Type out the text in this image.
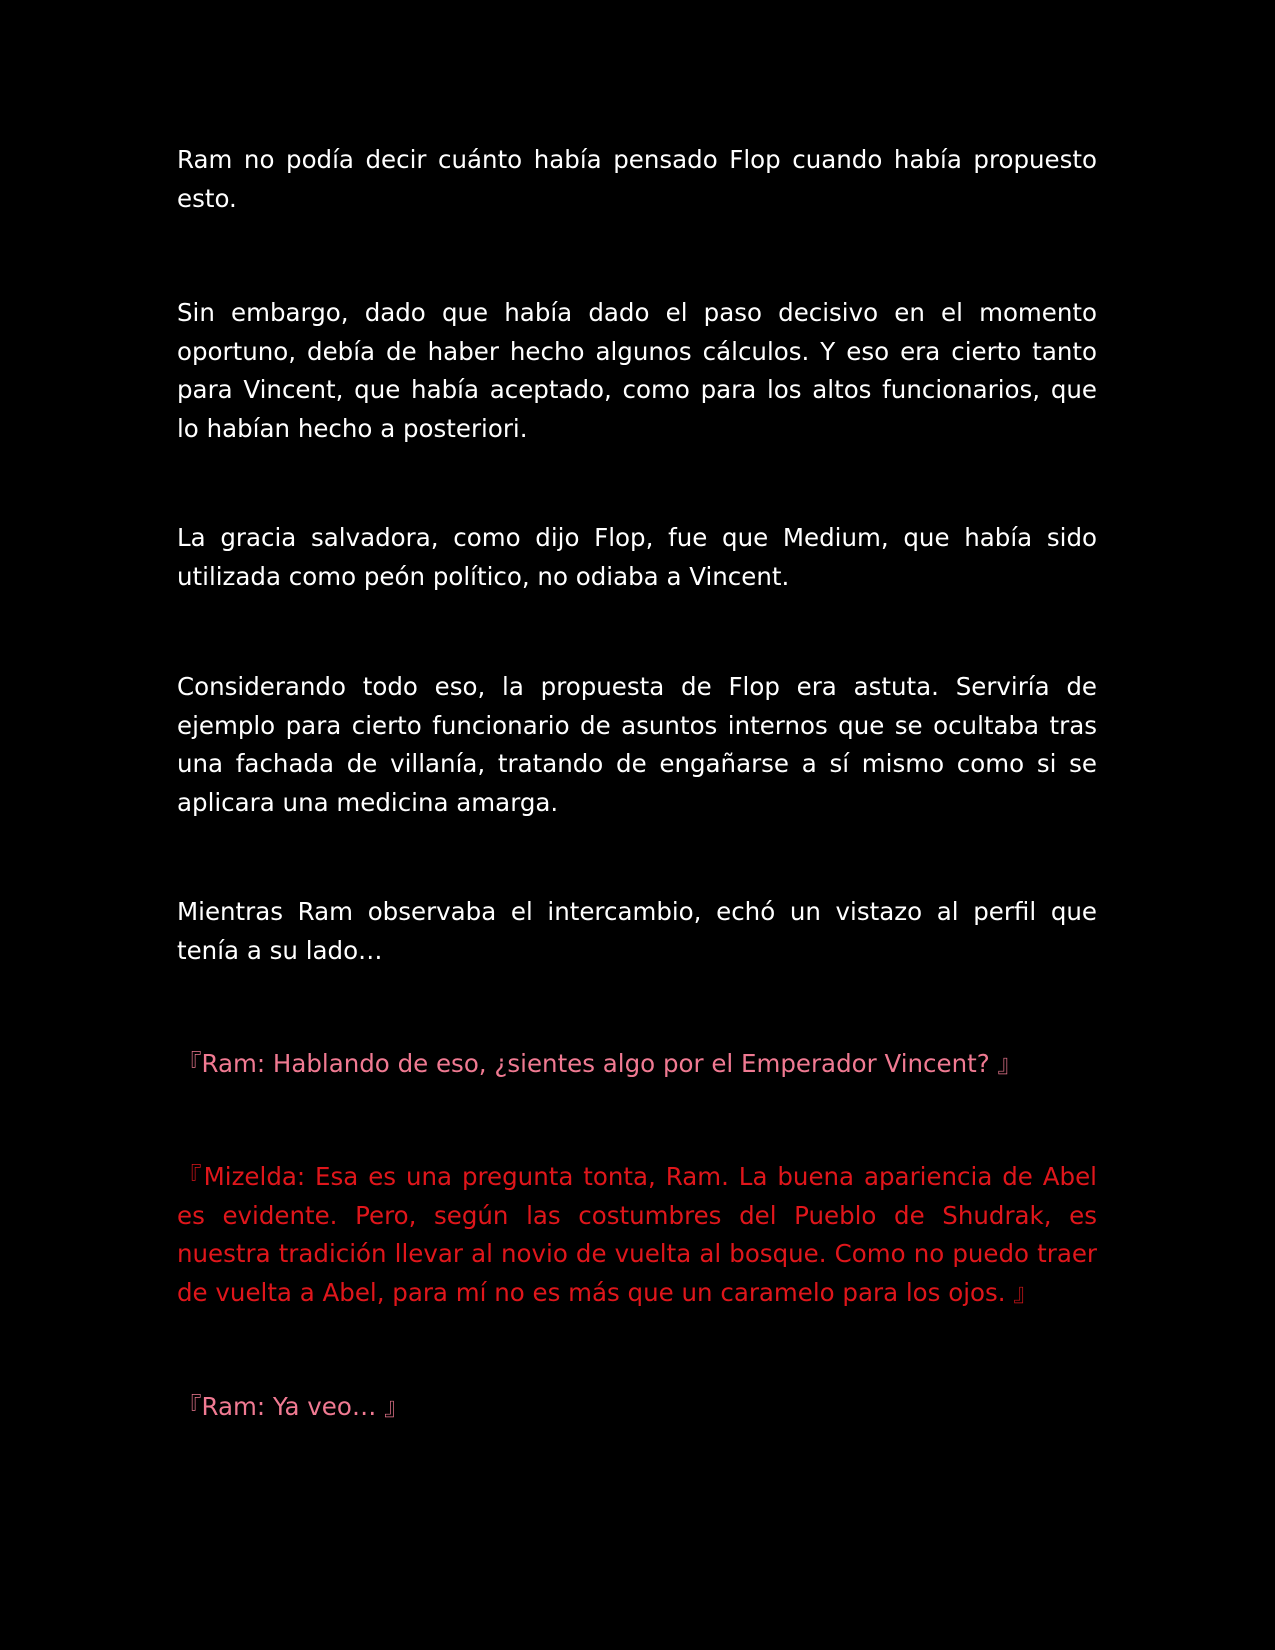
Ram no podía decir cuánto había pensado Flop cuando había propuesto esto.

Sin embargo, dado que había dado el paso decisivo en el momento oportuno, debía de haber hecho algunos cálculos. Y eso era cierto tanto para Vincent, que había aceptado, como para los altos funcionarios, que lo habían hecho a posteriori.

La gracia salvadora, como dijo Flop, fue que Medium, que había sido utilizada como peón político, no odiaba a Vincent.

Considerando todo eso, la propuesta de Flop era astuta. Serviría de ejemplo para cierto funcionario de asuntos internos que se ocultaba tras una fachada de villanía, tratando de engañarse a sí mismo como si se aplicara una medicina amarga.

Mientras Ram observaba el intercambio, echó un vistazo al perfil que tenía a su lado…

『Ram: Hablando de eso, ¿sientes algo por el Emperador Vincent? 』

『Mizelda: Esa es una pregunta tonta, Ram. La buena apariencia de Abel es evidente. Pero, según las costumbres del Pueblo de Shudrak, es nuestra tradición llevar al novio de vuelta al bosque. Como no puedo traer de vuelta a Abel, para mí no es más que un caramelo para los ojos. 』

『Ram: Ya veo… 』
